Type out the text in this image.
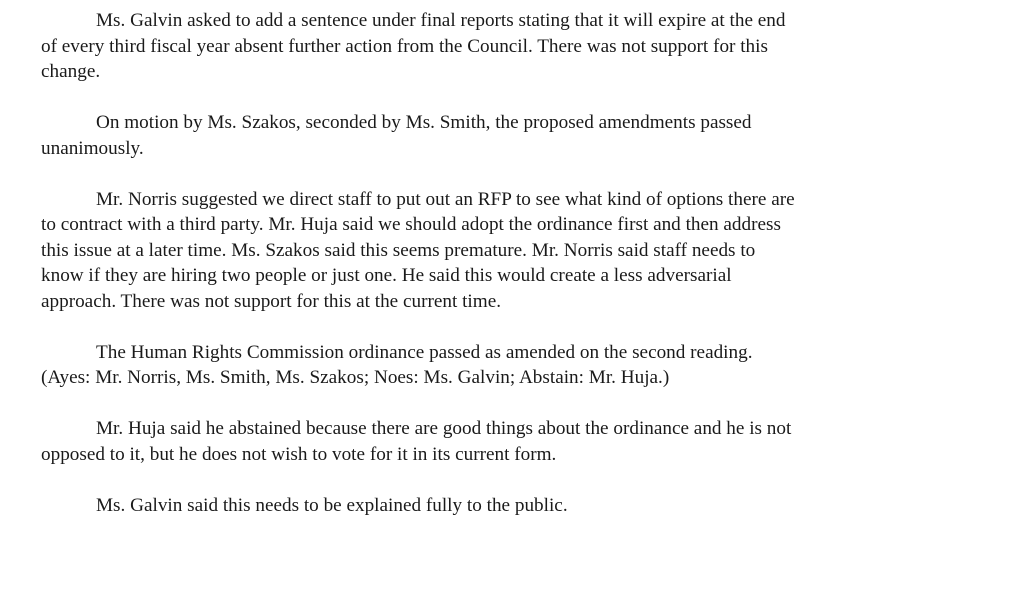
Ms. Galvin asked to add a sentence under final reports stating that it will expire at the end
of every third fiscal year absent further action from the Council. There was not support for this
change.

On motion by Ms. Szakos, seconded by Ms. Smith, the proposed amendments passed
unanimously.

Mr. Norris suggested we direct staff to put out an RFP to see what kind of options there are
to contract with a third party. Mr. Huja said we should adopt the ordinance first and then address
this issue at a later time. Ms. Szakos said this seems premature. Mr. Norris said staff needs to
know if they are hiring two people or just one. He said this would create a less adversarial
approach. There was not support for this at the current time.

The Human Rights Commission ordinance passed as amended on the second reading.
(Ayes: Mr. Norris, Ms. Smith, Ms. Szakos; Noes: Ms. Galvin; Abstain: Mr. Huja.)

Mr. Huja said he abstained because there are good things about the ordinance and he is not
opposed to it, but he does not wish to vote for it in its current form.

Ms. Galvin said this needs to be explained fully to the public.
